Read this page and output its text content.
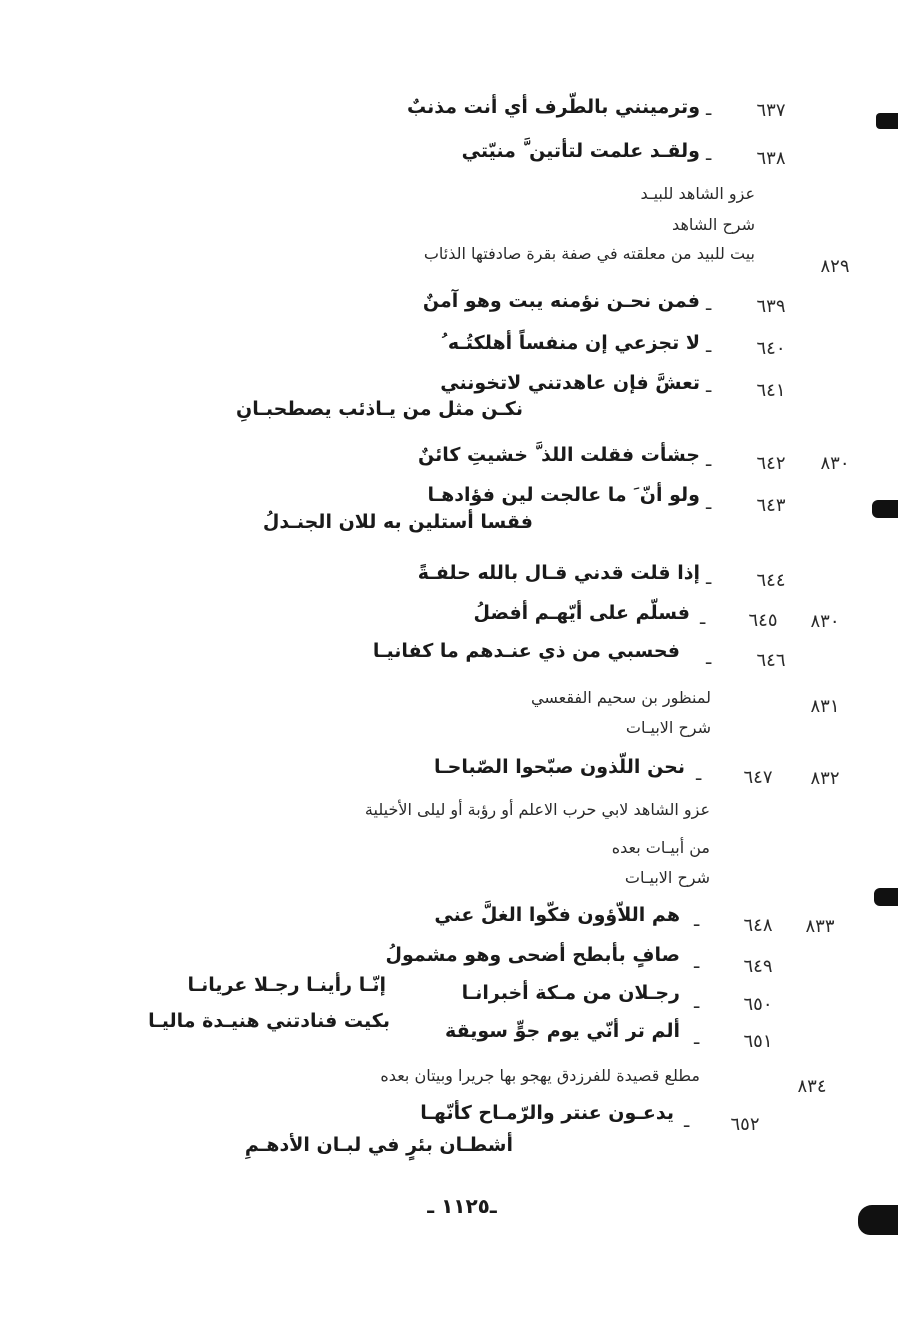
٦٣٧
ـ
وترمينني بالطّرف أي أنت مذنبٌ
٦٣٨
ـ
ولقـد علمت لتأتين َّ منيّتي
عزو الشاهد للبيـد
شرح الشاهد
بيت للبيد من معلقته في صفة بقرة صادفتها الذئاب
٨٢٩
٦٣٩
ـ
فمن نحـن نؤمنه يبت وهو آمنٌ
٦٤٠
ـ
لا تجزعي إن منفساً أهلكتُـه ُ
٦٤١
ـ
تعشَّ فإن عاهدتني لاتخونني
نكـن مثل من يـاذئب يصطحبـانِ
٨٣٠
٦٤٢
ـ
جشأت فقلت اللذ َّ خشيتِ كائنٌ
٦٤٣
ـ
ولو أنّ َ ما عالجت لين فؤادهـا
فقسا أستلين به للان الجنـدلُ
٦٤٤
ـ
إذا قلت قدني قـال بالله حلفـةً
٨٣٠
٦٤٥
ـ
فسلّم على أيّهـم أفضلُ
٦٤٦
ـ
فحسبي من ذي عنـدهم ما كفانيـا
٨٣١
لمنظور بن سحيم الفقعسي
شرح الابيـات
٨٣٢
٦٤٧
ـ
نحن اللّذون صبّحوا الصّباحـا
عزو الشاهد لابي حرب الاعلم أو رؤبة أو ليلى الأخيلية
من أبيـات بعده
شرح الابيـات
٨٣٣
٦٤٨
ـ
هم اللاّؤون فكّوا الغلَّ عني
٦٤٩
ـ
صافٍ بأبطح أضحى وهو مشمولُ
٦٥٠
ـ
رجـلان من مـكة أخبرانـا
إنّـا رأينـا رجـلا عريانـا
٦٥١
ـ
ألم تر أنّي يوم جوٍّ سويقة
بكيت فنادتني هنيـدة ماليـا
٨٣٤
مطلع قصيدة للفرزدق يهجو بها جريرا وبيتان بعده
٦٥٢
ـ
يدعـون عنتر والرّمـاح كأنّهـا
أشطـان بئرٍ في لبـان الأدهـمِ
ـ١١٢٥ ـ
